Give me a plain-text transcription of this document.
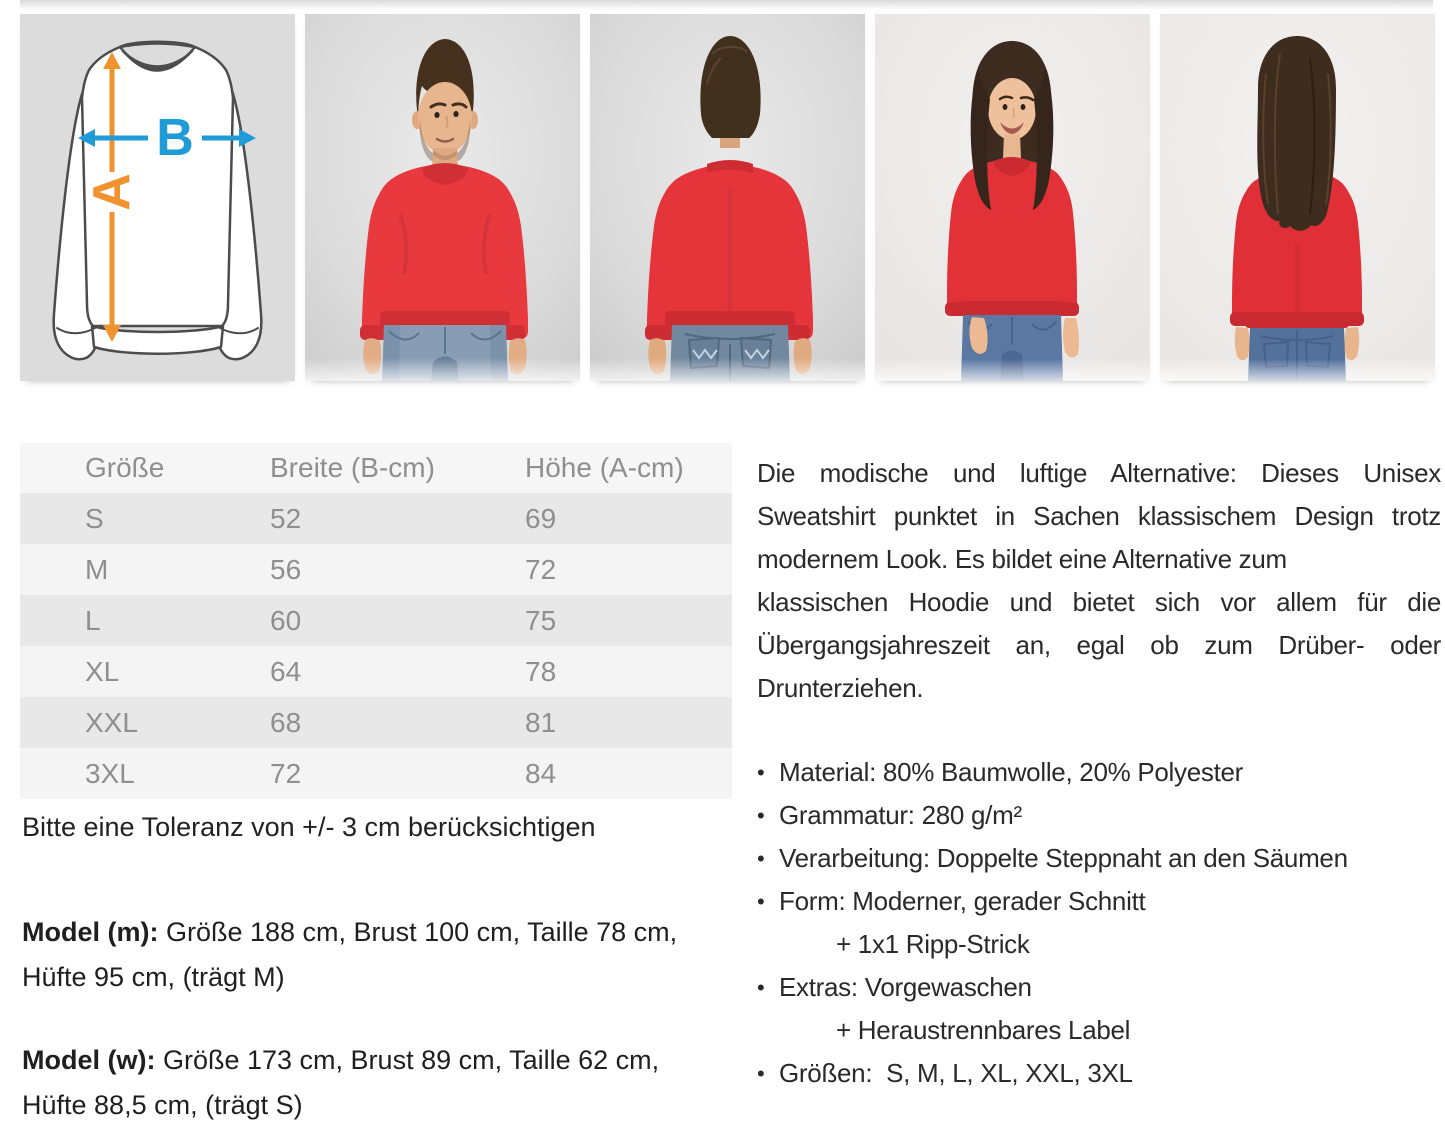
A
B
Größe	Breite (B-cm)	Höhe (A-cm)
S	52	69
M	56	72
L	60	75
XL	64	78
XXL	68	81
3XL	72	84
Bitte eine Toleranz von +/- 3 cm berücksichtigen
Model (m): Größe 188 cm, Brust 100 cm, Taille 78 cm, Hüfte 95 cm, (trägt M)
Model (w): Größe 173 cm, Brust 89 cm, Taille 62 cm, Hüfte 88,5 cm, (trägt S)
Die modische und luftige Alternative: Dieses Unisex
Sweatshirt punktet in Sachen klassischem Design trotz
modernem Look. Es bildet eine Alternative zum
klassischen Hoodie und bietet sich vor allem für die
Übergangsjahreszeit an, egal ob zum Drüber- oder
Drunterziehen.
• Material: 80% Baumwolle, 20% Polyester
• Grammatur: 280 g/m²
• Verarbeitung: Doppelte Steppnaht an den Säumen
• Form: Moderner, gerader Schnitt
+ 1x1 Ripp-Strick
• Extras: Vorgewaschen
+ Heraustrennbares Label
• Größen:  S, M, L, XL, XXL, 3XL
